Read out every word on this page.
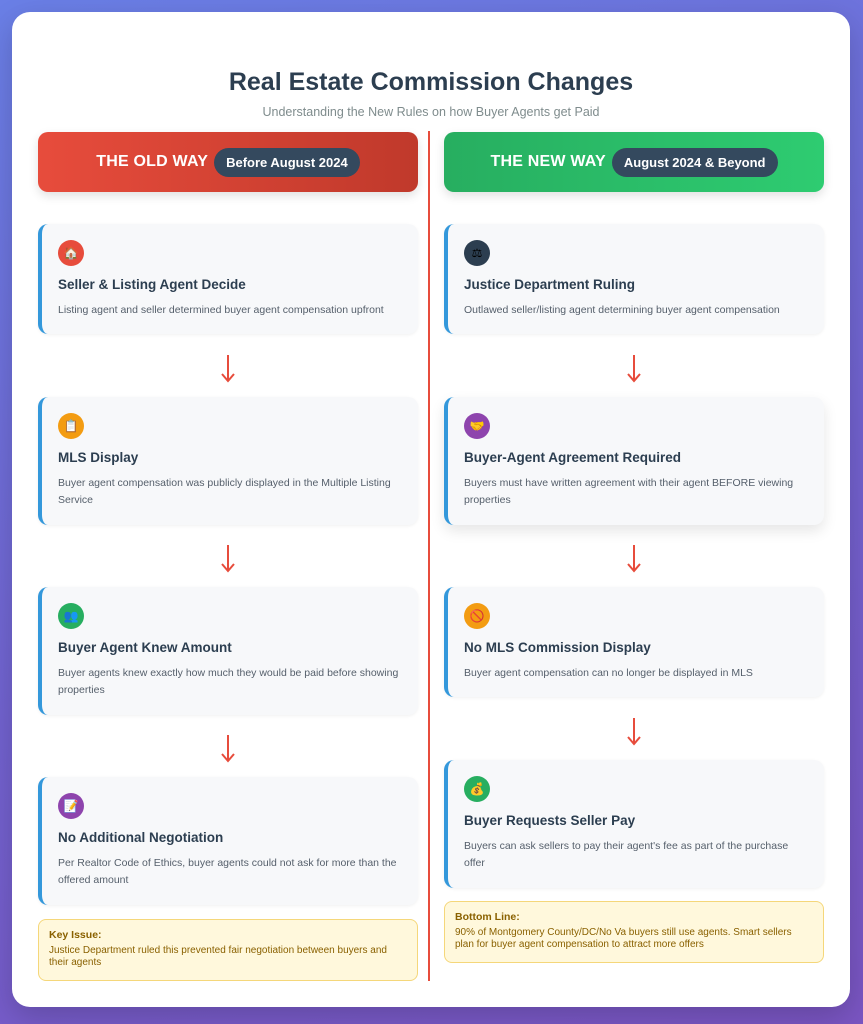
Real Estate Commission Changes
Understanding the New Rules on how Buyer Agents get Paid
THE OLD WAY	Before August 2024
🏠
Seller & Listing Agent Decide
Listing agent and seller determined buyer agent compensation upfront
📋
MLS Display
Buyer agent compensation was publicly displayed in the Multiple Listing Service
👥
Buyer Agent Knew Amount
Buyer agents knew exactly how much they would be paid before showing properties
📝
No Additional Negotiation
Per Realtor Code of Ethics, buyer agents could not ask for more than the offered amount
Key Issue:
Justice Department ruled this prevented fair negotiation between buyers and their agents
THE NEW WAY	August 2024 & Beyond
⚖
Justice Department Ruling
Outlawed seller/listing agent determining buyer agent compensation
🤝
Buyer-Agent Agreement Required
Buyers must have written agreement with their agent BEFORE viewing properties
🚫
No MLS Commission Display
Buyer agent compensation can no longer be displayed in MLS
💰
Buyer Requests Seller Pay
Buyers can ask sellers to pay their agent's fee as part of the purchase offer
Bottom Line:
90% of Montgomery County/DC/No Va buyers still use agents. Smart sellers plan for buyer agent compensation to attract more offers
